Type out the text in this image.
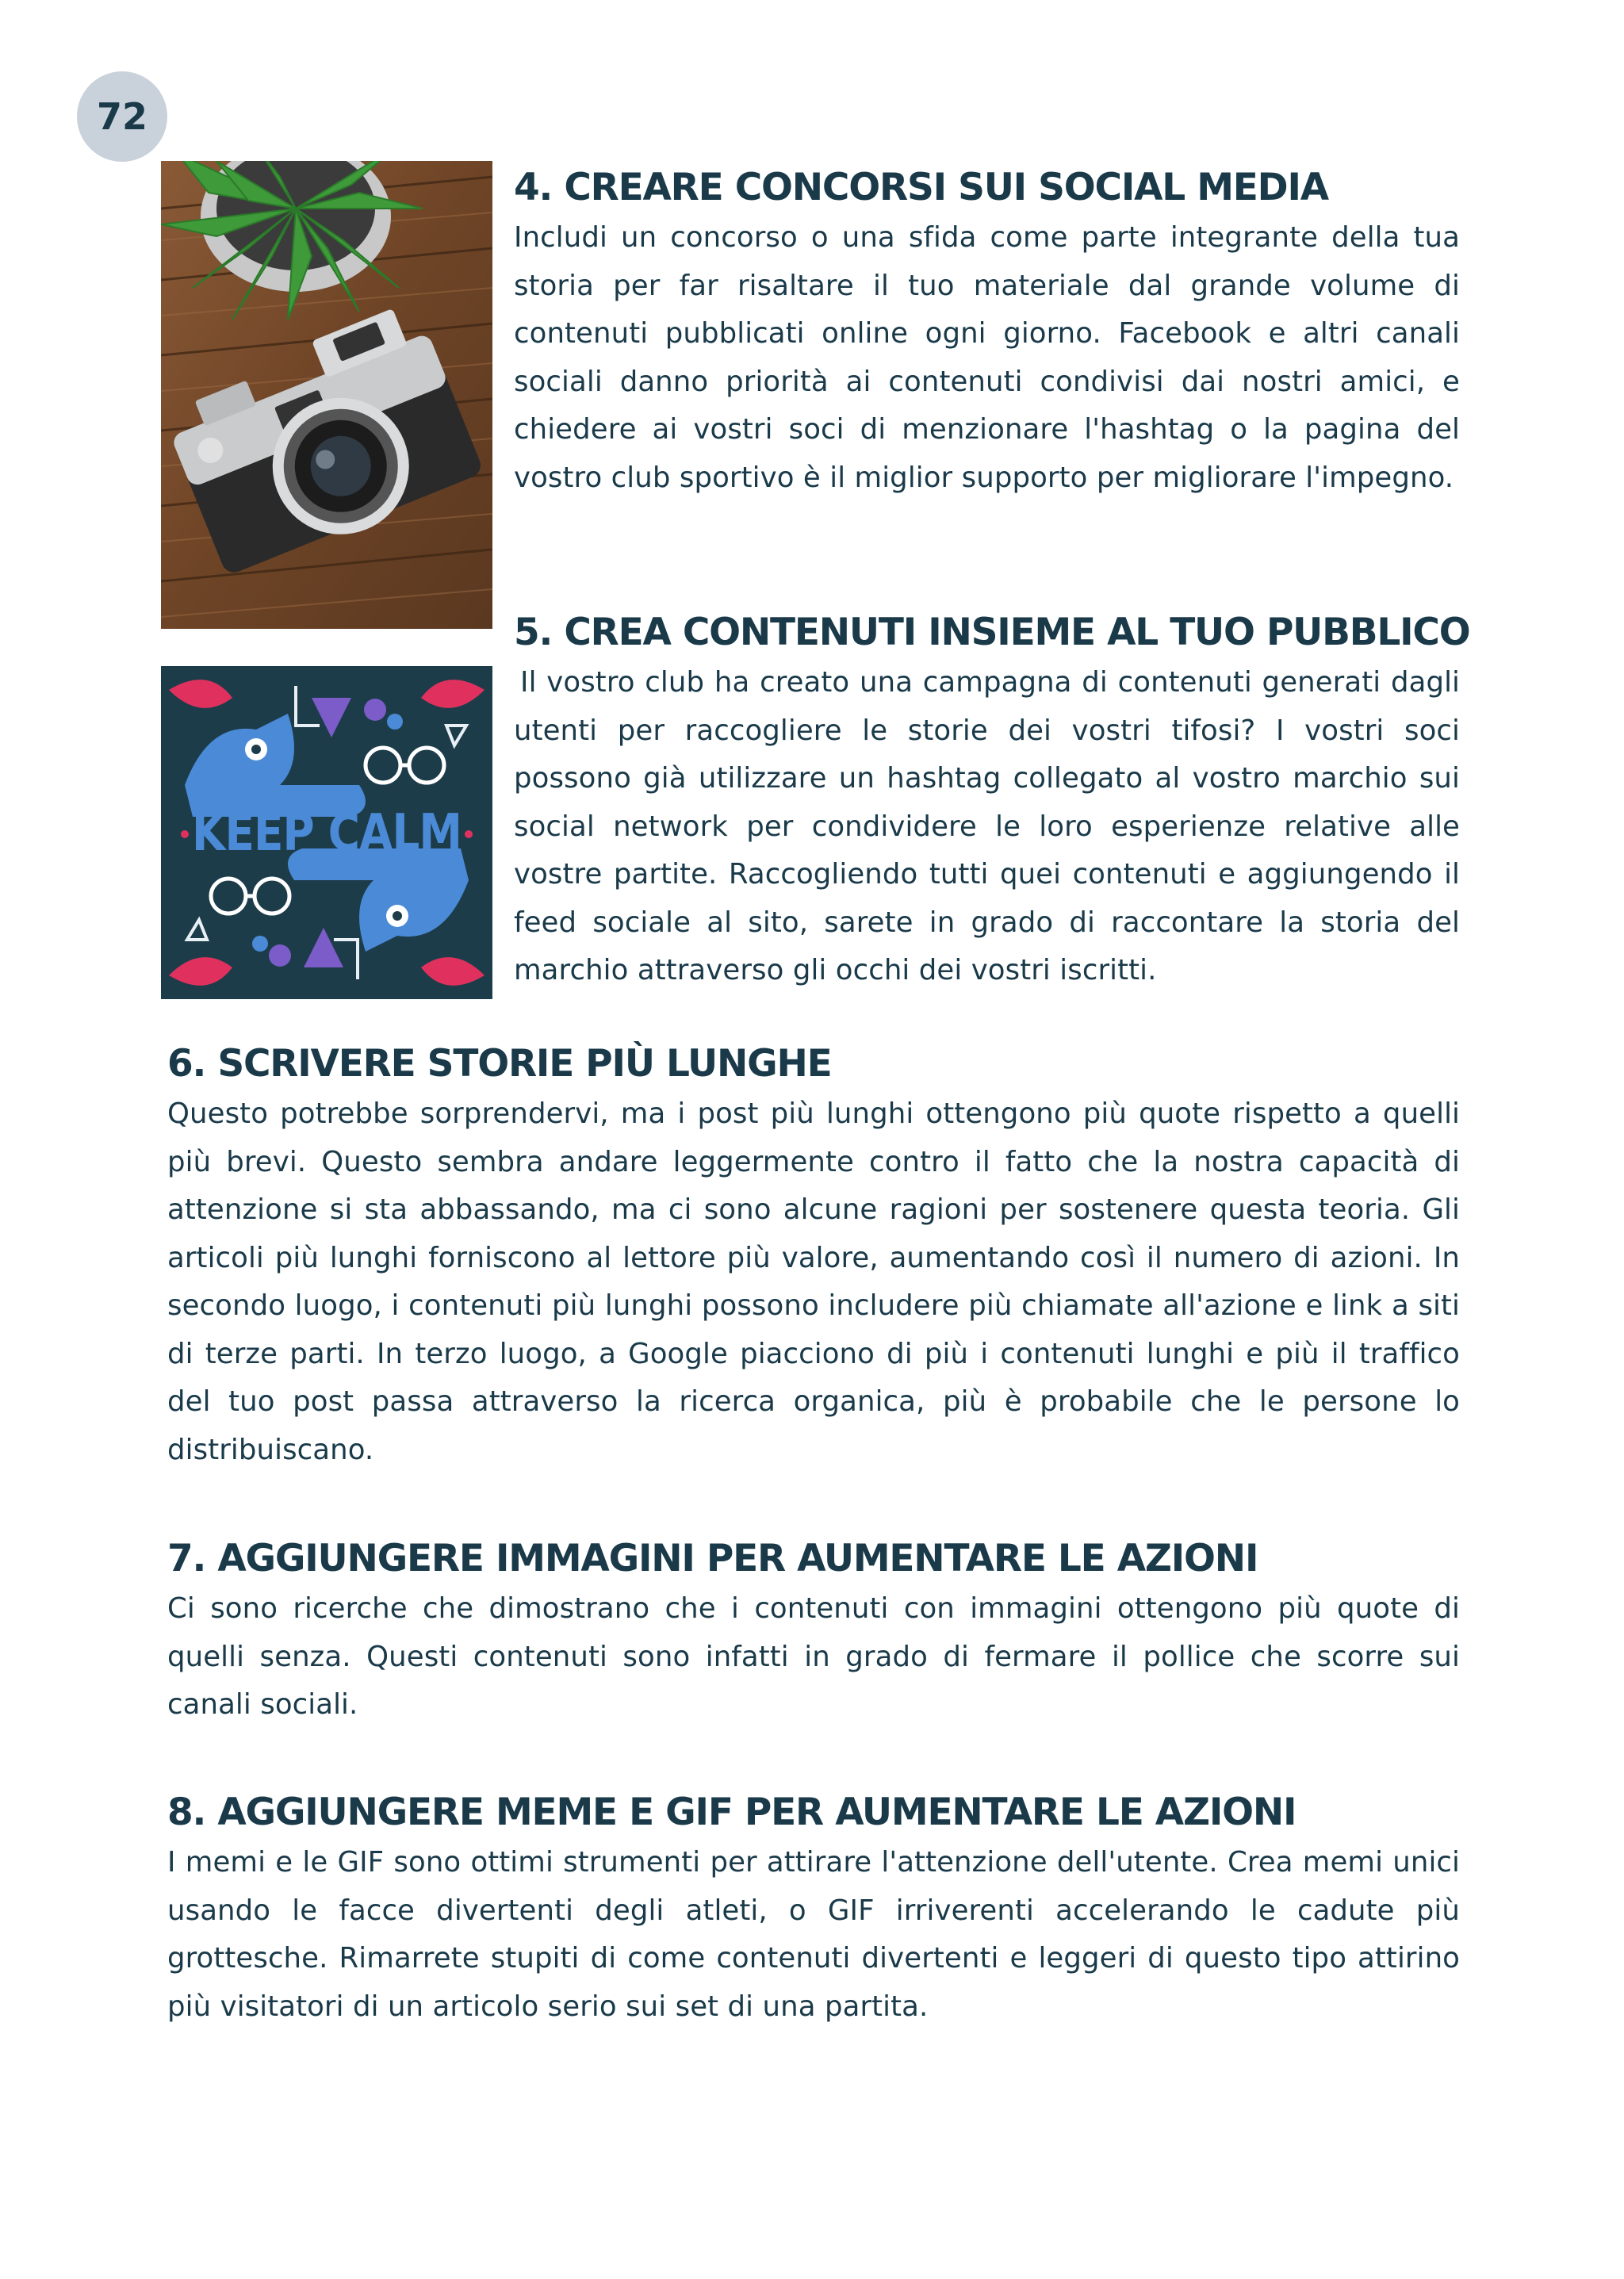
72
KEEP CALM
4. CREARE CONCORSI SUI SOCIAL MEDIA

Includi un concorso o una sfida come parte integrante della tua storia per far risaltare il tuo materiale dal grande volume di contenuti pubblicati online ogni giorno. Facebook e altri canali sociali danno priorità ai contenuti condivisi dai nostri amici, e chiedere ai vostri soci di menzionare l'hashtag o la pagina del vostro club sportivo è il miglior supporto per migliorare l'impegno.

5. CREA CONTENUTI INSIEME AL TUO PUBBLICO

Il vostro club ha creato una campagna di contenuti generati dagli utenti per raccogliere le storie dei vostri tifosi? I vostri soci possono già utilizzare un hashtag collegato al vostro marchio sui social network per condividere le loro esperienze relative alle vostre partite. Raccogliendo tutti quei contenuti e aggiungendo il feed sociale al sito, sarete in grado di raccontare la storia del marchio attraverso gli occhi dei vostri iscritti.

6. SCRIVERE STORIE PIÙ LUNGHE

Questo potrebbe sorprendervi, ma i post più lunghi ottengono più quote rispetto a quelli più brevi. Questo sembra andare leggermente contro il fatto che la nostra capacità di attenzione si sta abbassando, ma ci sono alcune ragioni per sostenere questa teoria. Gli articoli più lunghi forniscono al lettore più valore, aumentando così il numero di azioni. In secondo luogo, i contenuti più lunghi possono includere più chiamate all'azione e link a siti di terze parti. In terzo luogo, a Google piacciono di più i contenuti lunghi e più il traffico del tuo post passa attraverso la ricerca organica, più è probabile che le persone lo distribuiscano.

7. AGGIUNGERE IMMAGINI PER AUMENTARE LE AZIONI

Ci sono ricerche che dimostrano che i contenuti con immagini ottengono più quote di quelli senza. Questi contenuti sono infatti in grado di fermare il pollice che scorre sui canali sociali.

8. AGGIUNGERE MEME E GIF PER AUMENTARE LE AZIONI

I memi e le GIF sono ottimi strumenti per attirare l'attenzione dell'utente. Crea memi unici usando le facce divertenti degli atleti, o GIF irriverenti accelerando le cadute più grottesche. Rimarrete stupiti di come contenuti divertenti e leggeri di questo tipo attirino più visitatori di un articolo serio sui set di una partita.
